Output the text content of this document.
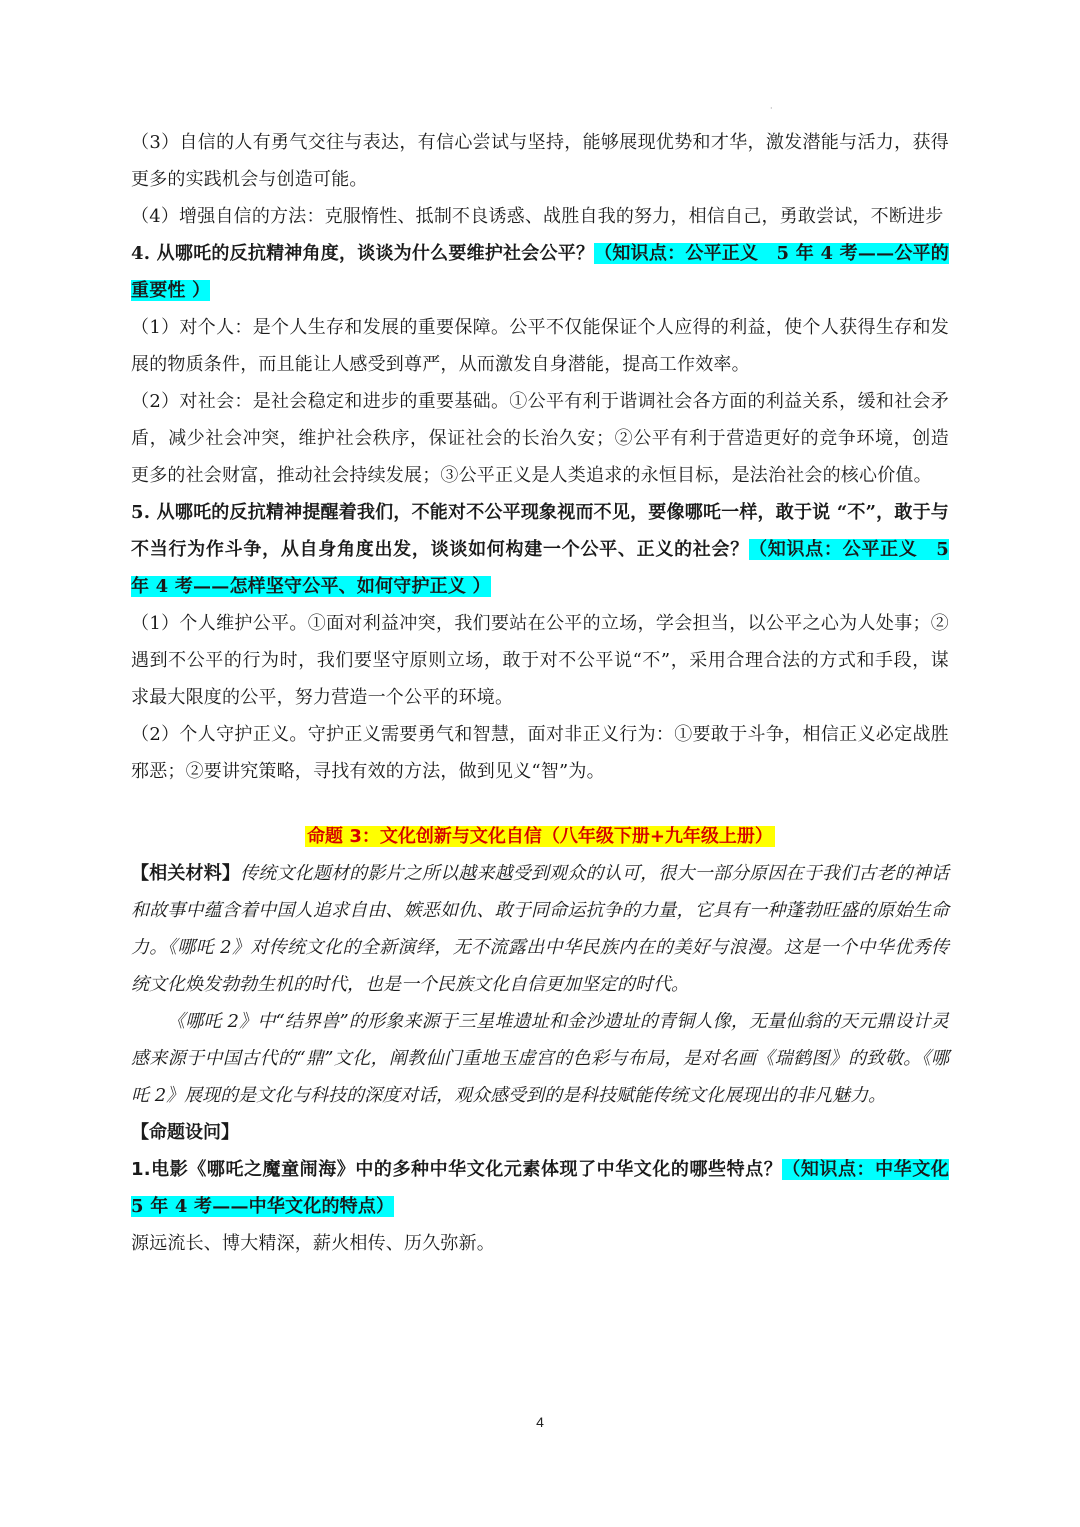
·

（3）自信的人有勇气交往与表达，有信心尝试与坚持，能够展现优势和才华，激发潜能与活力，获得更多的实践机会与创造可能。

（4）增强自信的方法：克服惰性、抵制不良诱惑、战胜自我的努力，相信自己，勇敢尝试，不断进步

4. 从哪吒的反抗精神角度，谈谈为什么要维护社会公平？（知识点：公平正义　5 年 4 考——公平的重要性 ）

（1）对个人：是个人生存和发展的重要保障。公平不仅能保证个人应得的利益，使个人获得生存和发展的物质条件，而且能让人感受到尊严，从而激发自身潜能，提高工作效率。

（2）对社会：是社会稳定和进步的重要基础。①公平有利于谐调社会各方面的利益关系，缓和社会矛盾，减少社会冲突，维护社会秩序，保证社会的长治久安；②公平有利于营造更好的竞争环境，创造更多的社会财富，推动社会持续发展；③公平正义是人类追求的永恒目标，是法治社会的核心价值。

5. 从哪吒的反抗精神提醒着我们，不能对不公平现象视而不见，要像哪吒一样，敢于说 “不”，敢于与不当行为作斗争，从自身角度出发，谈谈如何构建一个公平、正义的社会？（知识点：公平正义　5 年 4 考——怎样坚守公平、如何守护正义 ）

（1）个人维护公平。①面对利益冲突，我们要站在公平的立场，学会担当，以公平之心为人处事；②遇到不公平的行为时，我们要坚守原则立场，敢于对不公平说“不”，采用合理合法的方式和手段，谋求最大限度的公平，努力营造一个公平的环境。

（2）个人守护正义。守护正义需要勇气和智慧，面对非正义行为：①要敢于斗争，相信正义必定战胜邪恶；②要讲究策略，寻找有效的方法，做到见义“智”为。

命题 3：文化创新与文化自信（八年级下册+九年级上册）

【相关材料】传统文化题材的影片之所以越来越受到观众的认可，很大一部分原因在于我们古老的神话和故事中蕴含着中国人追求自由、嫉恶如仇、敢于同命运抗争的力量，它具有一种蓬勃旺盛的原始生命力。《哪吒 2》对传统文化的全新演绎，无不流露出中华民族内在的美好与浪漫。这是一个中华优秀传统文化焕发勃勃生机的时代，也是一个民族文化自信更加坚定的时代。

《哪吒 2》中“结界兽”的形象来源于三星堆遗址和金沙遗址的青铜人像，无量仙翁的天元鼎设计灵感来源于中国古代的“鼎”文化，阐教仙门重地玉虚宫的色彩与布局，是对名画《瑞鹤图》的致敬。《哪吒 2》展现的是文化与科技的深度对话，观众感受到的是科技赋能传统文化展现出的非凡魅力。

【命题设问】

1.电影《哪吒之魔童闹海》中的多种中华文化元素体现了中华文化的哪些特点？（知识点：中华文化 5 年 4 考——中华文化的特点）

源远流长、博大精深，薪火相传、历久弥新。

4
